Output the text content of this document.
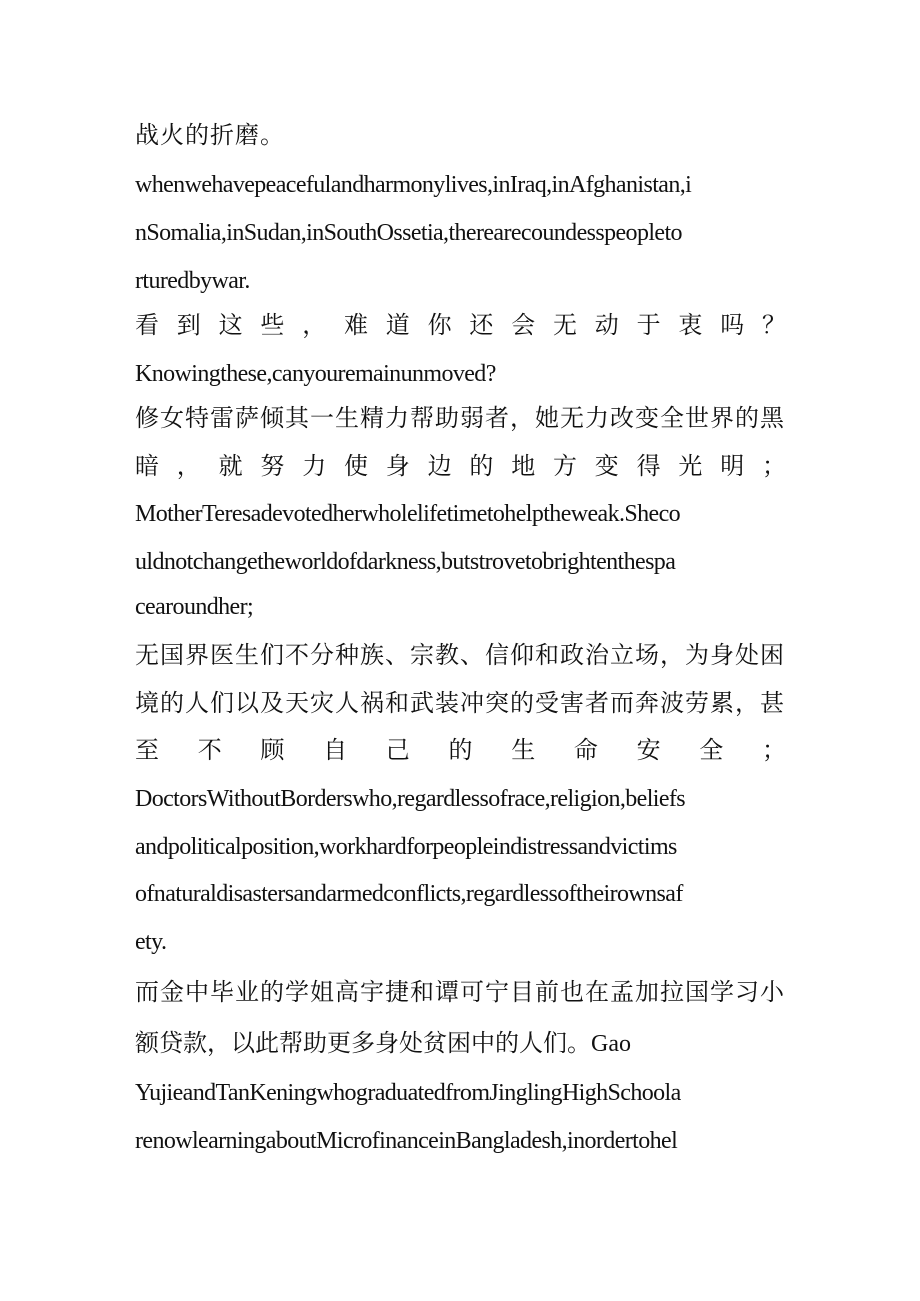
战火的折磨。
whenwehavepeacefulandharmonylives,inIraq,inAfghanistan,i
nSomalia,inSudan,inSouthOssetia,therearecoundesspeopleto
rturedbywar.
看 到 这 些 ， 难 道 你 还 会 无 动 于 衷 吗 ？
Knowingthese,canyouremainunmoved?
修女特雷萨倾其一生精力帮助弱者，她无力改变全世界的黑
暗 ， 就 努 力 使 身 边 的 地 方 变 得 光 明 ；
MotherTeresadevotedherwholelifetimetohelptheweak.Sheco
uldnotchangetheworldofdarkness,butstrovetobrightenthespa
cearoundher;
无国界医生们不分种族、宗教、信仰和政治立场，为身处困
境的人们以及天灾人祸和武装冲突的受害者而奔波劳累，甚
至 不 顾 自 己 的 生 命 安 全 ；
DoctorsWithoutBorderswho,regardlessofrace,religion,beliefs
andpoliticalposition,workhardforpeopleindistressandvictims
ofnaturaldisastersandarmedconflicts,regardlessoftheirownsaf
ety.
而金中毕业的学姐高宇捷和谭可宁目前也在孟加拉国学习小
额贷款，以此帮助更多身处贫困中的人们。Gao
YujieandTanKeningwhograduatedfromJinglingHighSchoola
renowlearningaboutMicrofinanceinBangladesh,inordertohel
